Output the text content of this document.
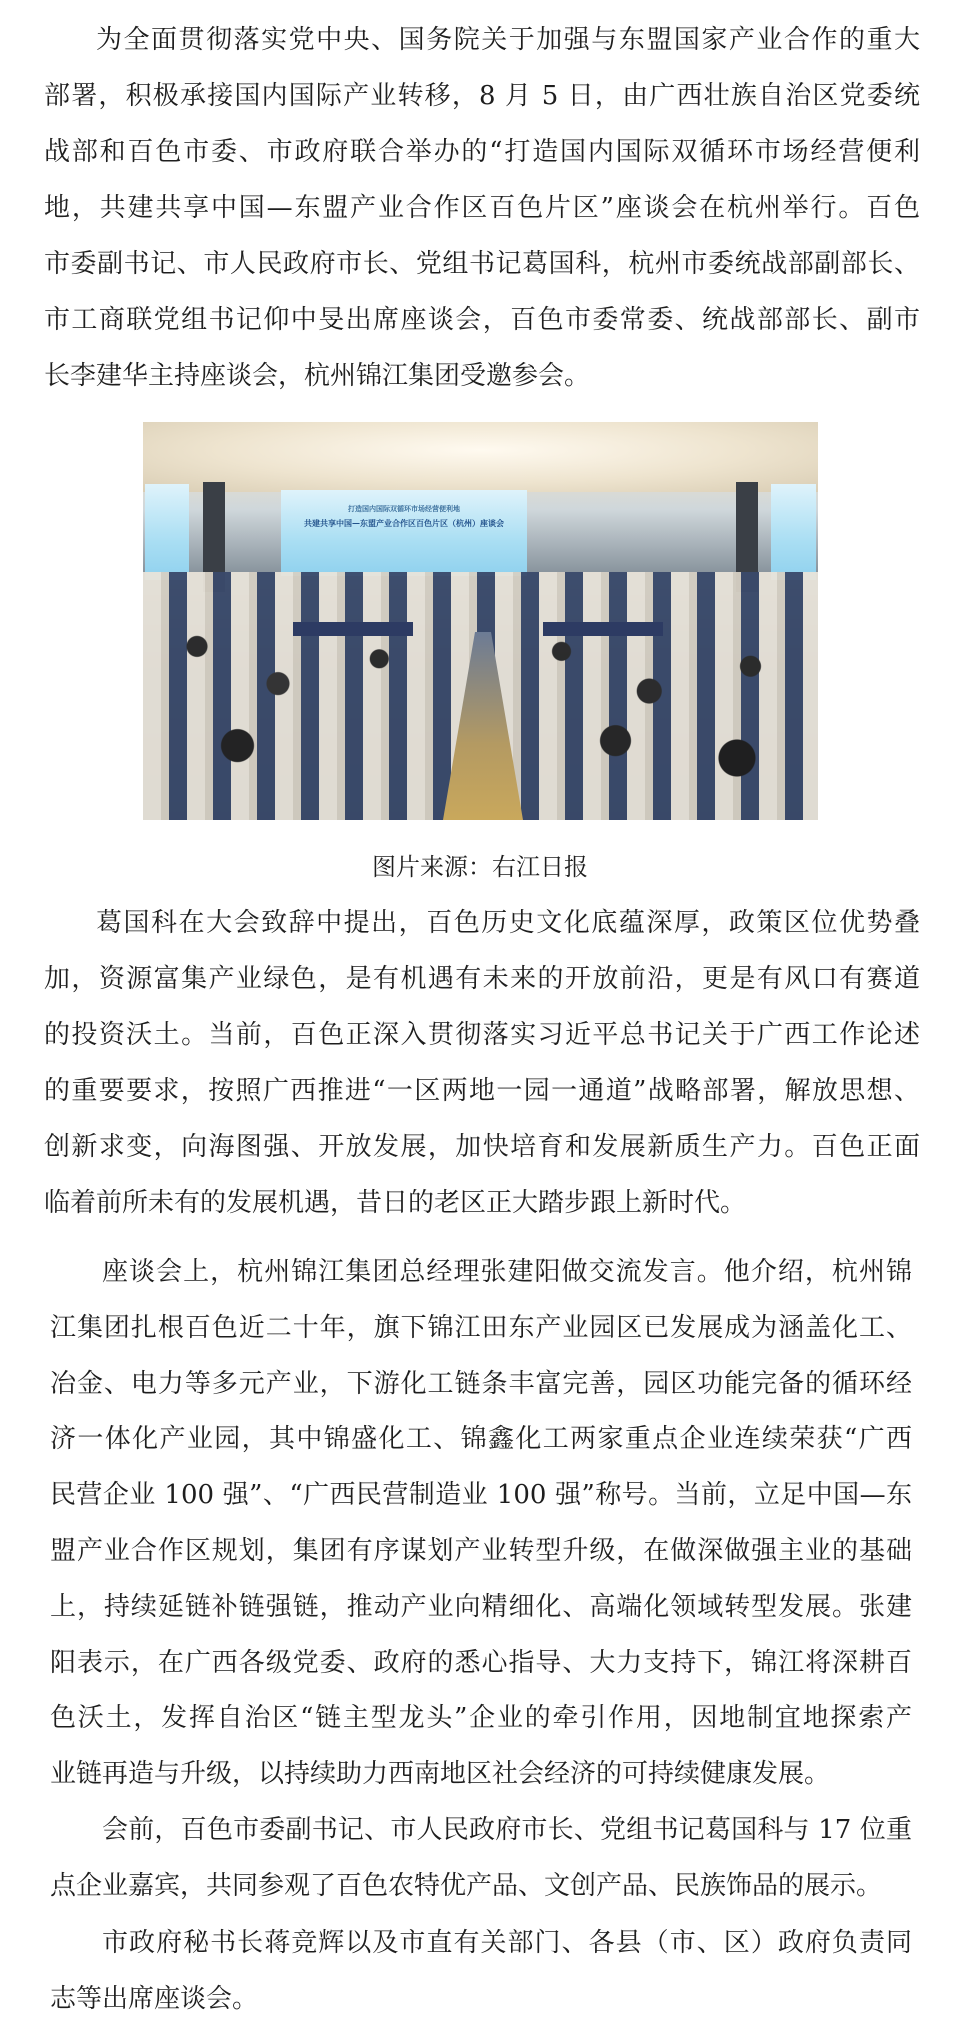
为全面贯彻落实党中央、国务院关于加强与东盟国家产业合作的重大
部署，积极承接国内国际产业转移，8 月 5 日，由广西壮族自治区党委统
战部和百色市委、市政府联合举办的“打造国内国际双循环市场经营便利
地，共建共享中国—东盟产业合作区百色片区”座谈会在杭州举行。百色
市委副书记、市人民政府市长、党组书记葛国科，杭州市委统战部副部长、
市工商联党组书记仰中旻出席座谈会，百色市委常委、统战部部长、副市
长李建华主持座谈会，杭州锦江集团受邀参会。
打造国内国际双循环市场经营便利地
共建共享中国—东盟产业合作区百色片区（杭州）座谈会
图片来源：右江日报
葛国科在大会致辞中提出，百色历史文化底蕴深厚，政策区位优势叠
加，资源富集产业绿色，是有机遇有未来的开放前沿，更是有风口有赛道
的投资沃土。当前，百色正深入贯彻落实习近平总书记关于广西工作论述
的重要要求，按照广西推进“一区两地一园一通道”战略部署，解放思想、
创新求变，向海图强、开放发展，加快培育和发展新质生产力。百色正面
临着前所未有的发展机遇，昔日的老区正大踏步跟上新时代。
座谈会上，杭州锦江集团总经理张建阳做交流发言。他介绍，杭州锦
江集团扎根百色近二十年，旗下锦江田东产业园区已发展成为涵盖化工、
冶金、电力等多元产业，下游化工链条丰富完善，园区功能完备的循环经
济一体化产业园，其中锦盛化工、锦鑫化工两家重点企业连续荣获“广西
民营企业 100 强”、“广西民营制造业 100 强”称号。当前，立足中国—东
盟产业合作区规划，集团有序谋划产业转型升级，在做深做强主业的基础
上，持续延链补链强链，推动产业向精细化、高端化领域转型发展。张建
阳表示，在广西各级党委、政府的悉心指导、大力支持下，锦江将深耕百
色沃土，发挥自治区“链主型龙头”企业的牵引作用，因地制宜地探索产
业链再造与升级，以持续助力西南地区社会经济的可持续健康发展。
会前，百色市委副书记、市人民政府市长、党组书记葛国科与 17 位重
点企业嘉宾，共同参观了百色农特优产品、文创产品、民族饰品的展示。
市政府秘书长蒋竞辉以及市直有关部门、各县（市、区）政府负责同
志等出席座谈会。
